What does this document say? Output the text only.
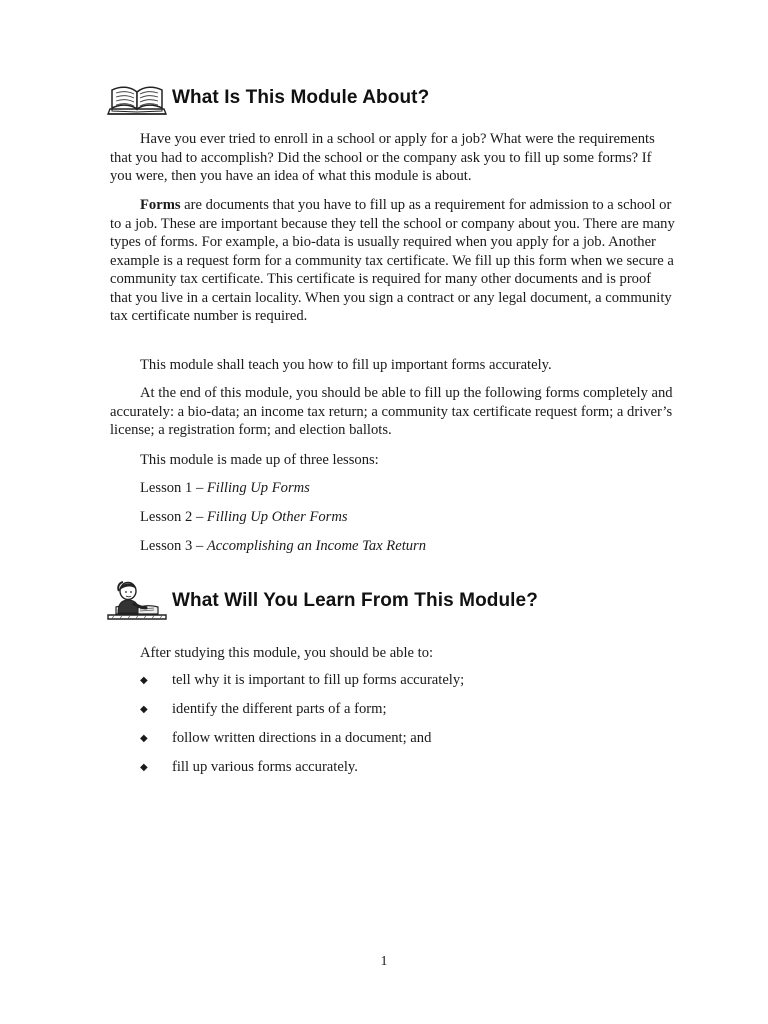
What Is This Module About?

Have you ever tried to enroll in a school or apply for a job? What were the requirements that you had to accomplish? Did the school or the company ask you to fill up some forms? If you were, then you have an idea of what this module is about.

Forms are documents that you have to fill up as a requirement for admission to a school or to a job. These are important because they tell the school or company about you. There are many types of forms. For example, a bio-data is usually required when you apply for a job. Another example is a request form for a community tax certificate. We fill up this form when we secure a community tax certificate. This certificate is required for many other documents and is proof that you live in a certain locality. When you sign a contract or any legal document, a community tax certificate number is required.

This module shall teach you how to fill up important forms accurately.

At the end of this module, you should be able to fill up the following forms completely and accurately: a bio-data; an income tax return; a community tax certificate request form; a driver’s license; a registration form; and election ballots.

This module is made up of three lessons:

Lesson 1 – Filling Up Forms

Lesson 2 – Filling Up Other Forms

Lesson 3 – Accomplishing an Income Tax Return

What Will You Learn From This Module?

After studying this module, you should be able to:

◆	tell why it is important to fill up forms accurately;
◆	identify the different parts of a form;
◆	follow written directions in a document; and
◆	fill up various forms accurately.
1
